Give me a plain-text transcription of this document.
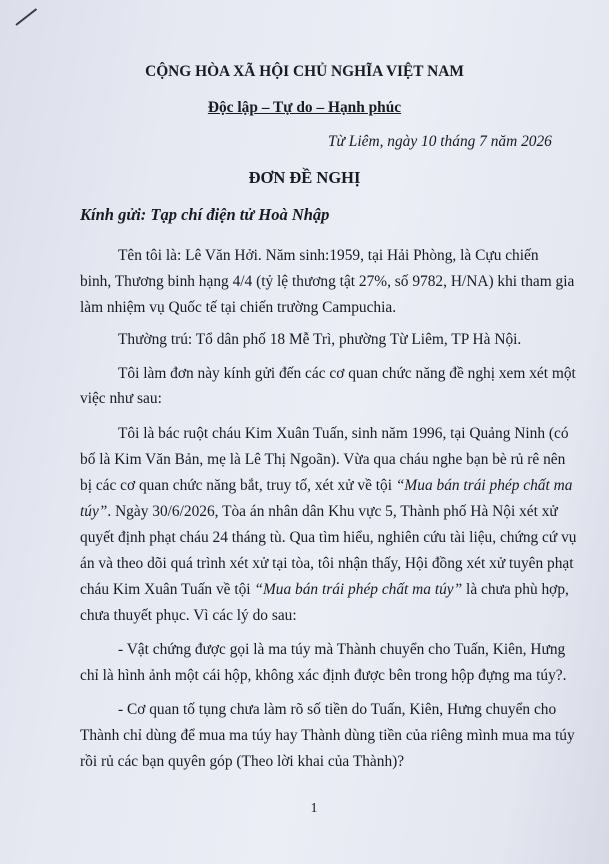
CỘNG HÒA XÃ HỘI CHỦ NGHĨA VIỆT NAM
Độc lập – Tự do – Hạnh phúc
Từ Liêm, ngày 10 tháng 7 năm 2026
ĐƠN ĐỀ NGHỊ
Kính gửi: Tạp chí điện tử Hoà Nhập
Tên tôi là: Lê Văn Hởi. Năm sinh:1959, tại Hải Phòng, là Cựu chiến
binh, Thương binh hạng 4/4 (tỷ lệ thương tật 27%, số 9782, H/NA) khi tham gia
làm nhiệm vụ Quốc tế tại chiến trường Campuchia.
Thường trú: Tổ dân phố 18 Mễ Trì, phường Từ Liêm, TP Hà Nội.
Tôi làm đơn này kính gửi đến các cơ quan chức năng đề nghị xem xét một
việc như sau:
Tôi là bác ruột cháu Kim Xuân Tuấn, sinh năm 1996, tại Quảng Ninh (có
bố là Kim Văn Bản, mẹ là Lê Thị Ngoãn). Vừa qua cháu nghe bạn bè rủ rê nên
bị các cơ quan chức năng bắt, truy tố, xét xử về tội “Mua bán trái phép chất ma
túy”. Ngày 30/6/2026, Tòa án nhân dân Khu vực 5, Thành phố Hà Nội xét xử
quyết định phạt cháu 24 tháng tù. Qua tìm hiểu, nghiên cứu tài liệu, chứng cứ vụ
án và theo dõi quá trình xét xử tại tòa, tôi nhận thấy, Hội đồng xét xử tuyên phạt
cháu Kim Xuân Tuấn về tội “Mua bán trái phép chất ma túy” là chưa phù hợp,
chưa thuyết phục. Vì các lý do sau:
- Vật chứng được gọi là ma túy mà Thành chuyển cho Tuấn, Kiên, Hưng
chỉ là hình ảnh một cái hộp, không xác định được bên trong hộp đựng ma túy?.
- Cơ quan tố tụng chưa làm rõ số tiền do Tuấn, Kiên, Hưng chuyển cho
Thành chỉ dùng để mua ma túy hay Thành dùng tiền của riêng mình mua ma túy
rồi rủ các bạn quyên góp (Theo lời khai của Thành)?
1
